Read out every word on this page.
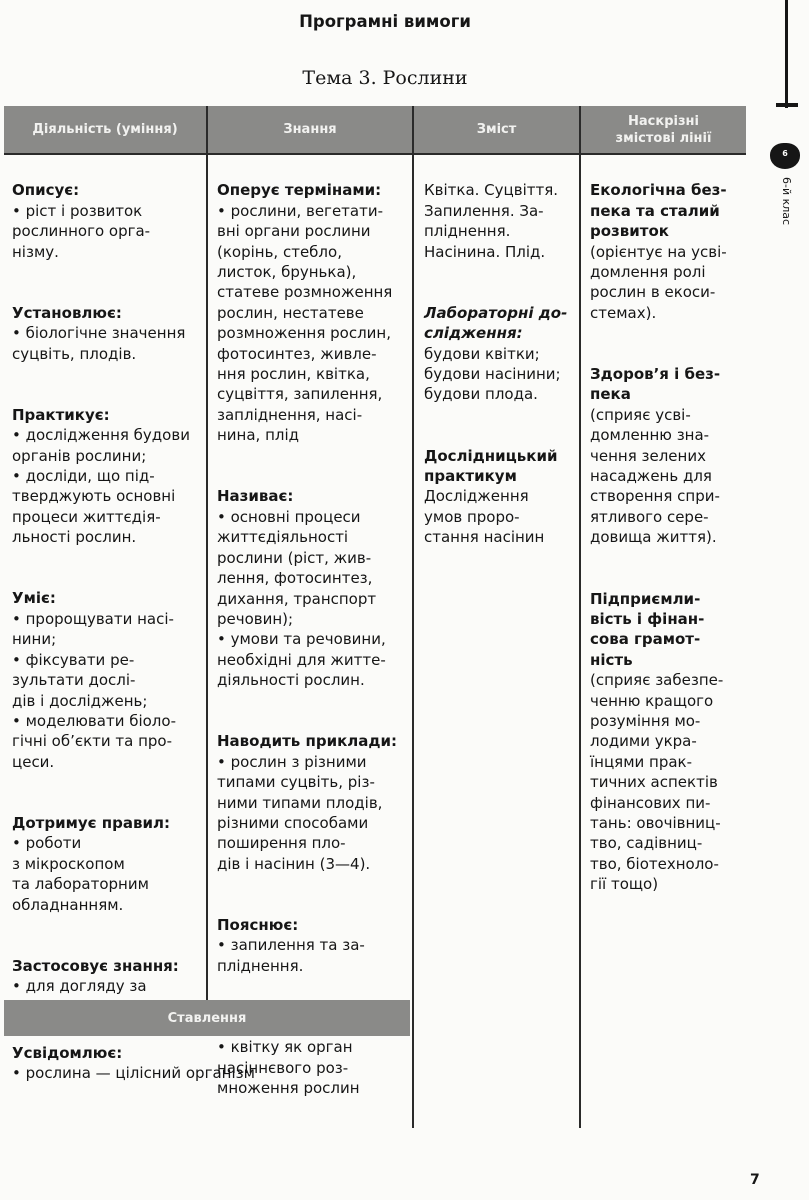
Програмні вимоги
Тема 3. Рослини
6
6-й клас
Діяльність (уміння)	Знання	Зміст
Наскрізні
змістові лінії

Описує:
• ріст і розвиток
рослинного орга-
нізму.

Установлює:
• біологічне значення
суцвіть, плодів.

Практикує:
• дослідження будови
органів рослини;
• досліди, що під-
тверджують основні
процеси життєдія-
льності рослин.

Уміє:
• пророщувати насі-
нини;
• фіксувати ре-
зультати дослі-
дів і досліджень;
• моделювати біоло-
гічні об’єкти та про-
цеси.

Дотримує правил:
• роботи
з мікроскопом
та лабораторним
обладнанням.

Застосовує знання:
• для догляду за

Оперує термінами:
• рослини, вегетати-
вні органи рослини
(корінь, стебло,
листок, брунька),
статеве розмноження
рослин, нестатеве
розмноження рослин,
фотосинтез, живле-
ння рослин, квітка,
суцвіття, запилення,
запліднення, насі-
нина, плід

Називає:
• основні процеси
життєдіяльності
рослини (ріст, жив-
лення, фотосинтез,
дихання, транспорт
речовин);
• умови та речовини,
необхідні для житте-
діяльності рослин.

Наводить приклади:
• рослин з різними
типами суцвіть, різ-
ними типами плодів,
різними способами
поширення пло-
дів і насінин (3—4).

Пояснює:
• запилення та за-
пліднення.

• квітку як орган
насіннєвого роз-
множення рослин

Квітка. Суцвіття.
Запилення. За-
пліднення.
Насінина. Плід.

Лабораторні до-
слідження:
будови квітки;
будови насінини;
будови плода.

Дослідницький
практикум
Дослідження
умов проро-
стання насінин

Екологічна без-
пека та сталий
розвиток
(орієнтує на усві-
домлення ролі
рослин в екоси-
стемах).

Здоров’я і без-
пека
(сприяє усві-
домленню зна-
чення зелених
насаджень для
створення спри-
ятливого сере-
довища життя).

Підприємли-
вість і фінан-
сова грамот-
ність
(сприяє забезпе-
ченню кращого
розуміння мо-
лодими укра-
їнцями прак-
тичних аспектів
фінансових пи-
тань: овочівниц-
тво, садівниц-
тво, біотехноло-
гії тощо)

Ставлення
Усвідомлює:
• рослина — цілісний організм
7
